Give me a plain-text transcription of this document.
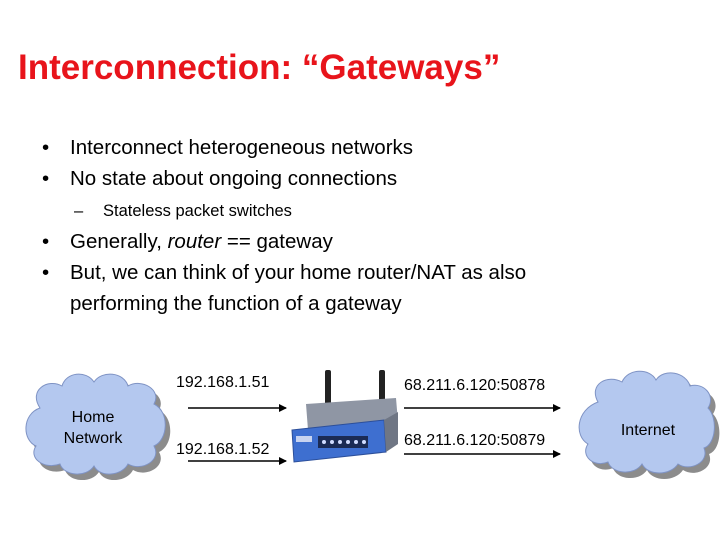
Interconnection: “Gateways”
• Interconnect heterogeneous networks
• No state about ongoing connections
– Stateless packet switches
• Generally, router == gateway
• But, we can think of your home router/NAT as also
performing the function of a gateway
Home
Network	Internet
192.168.1.51
192.168.1.52
68.211.6.120:50878
68.211.6.120:50879
